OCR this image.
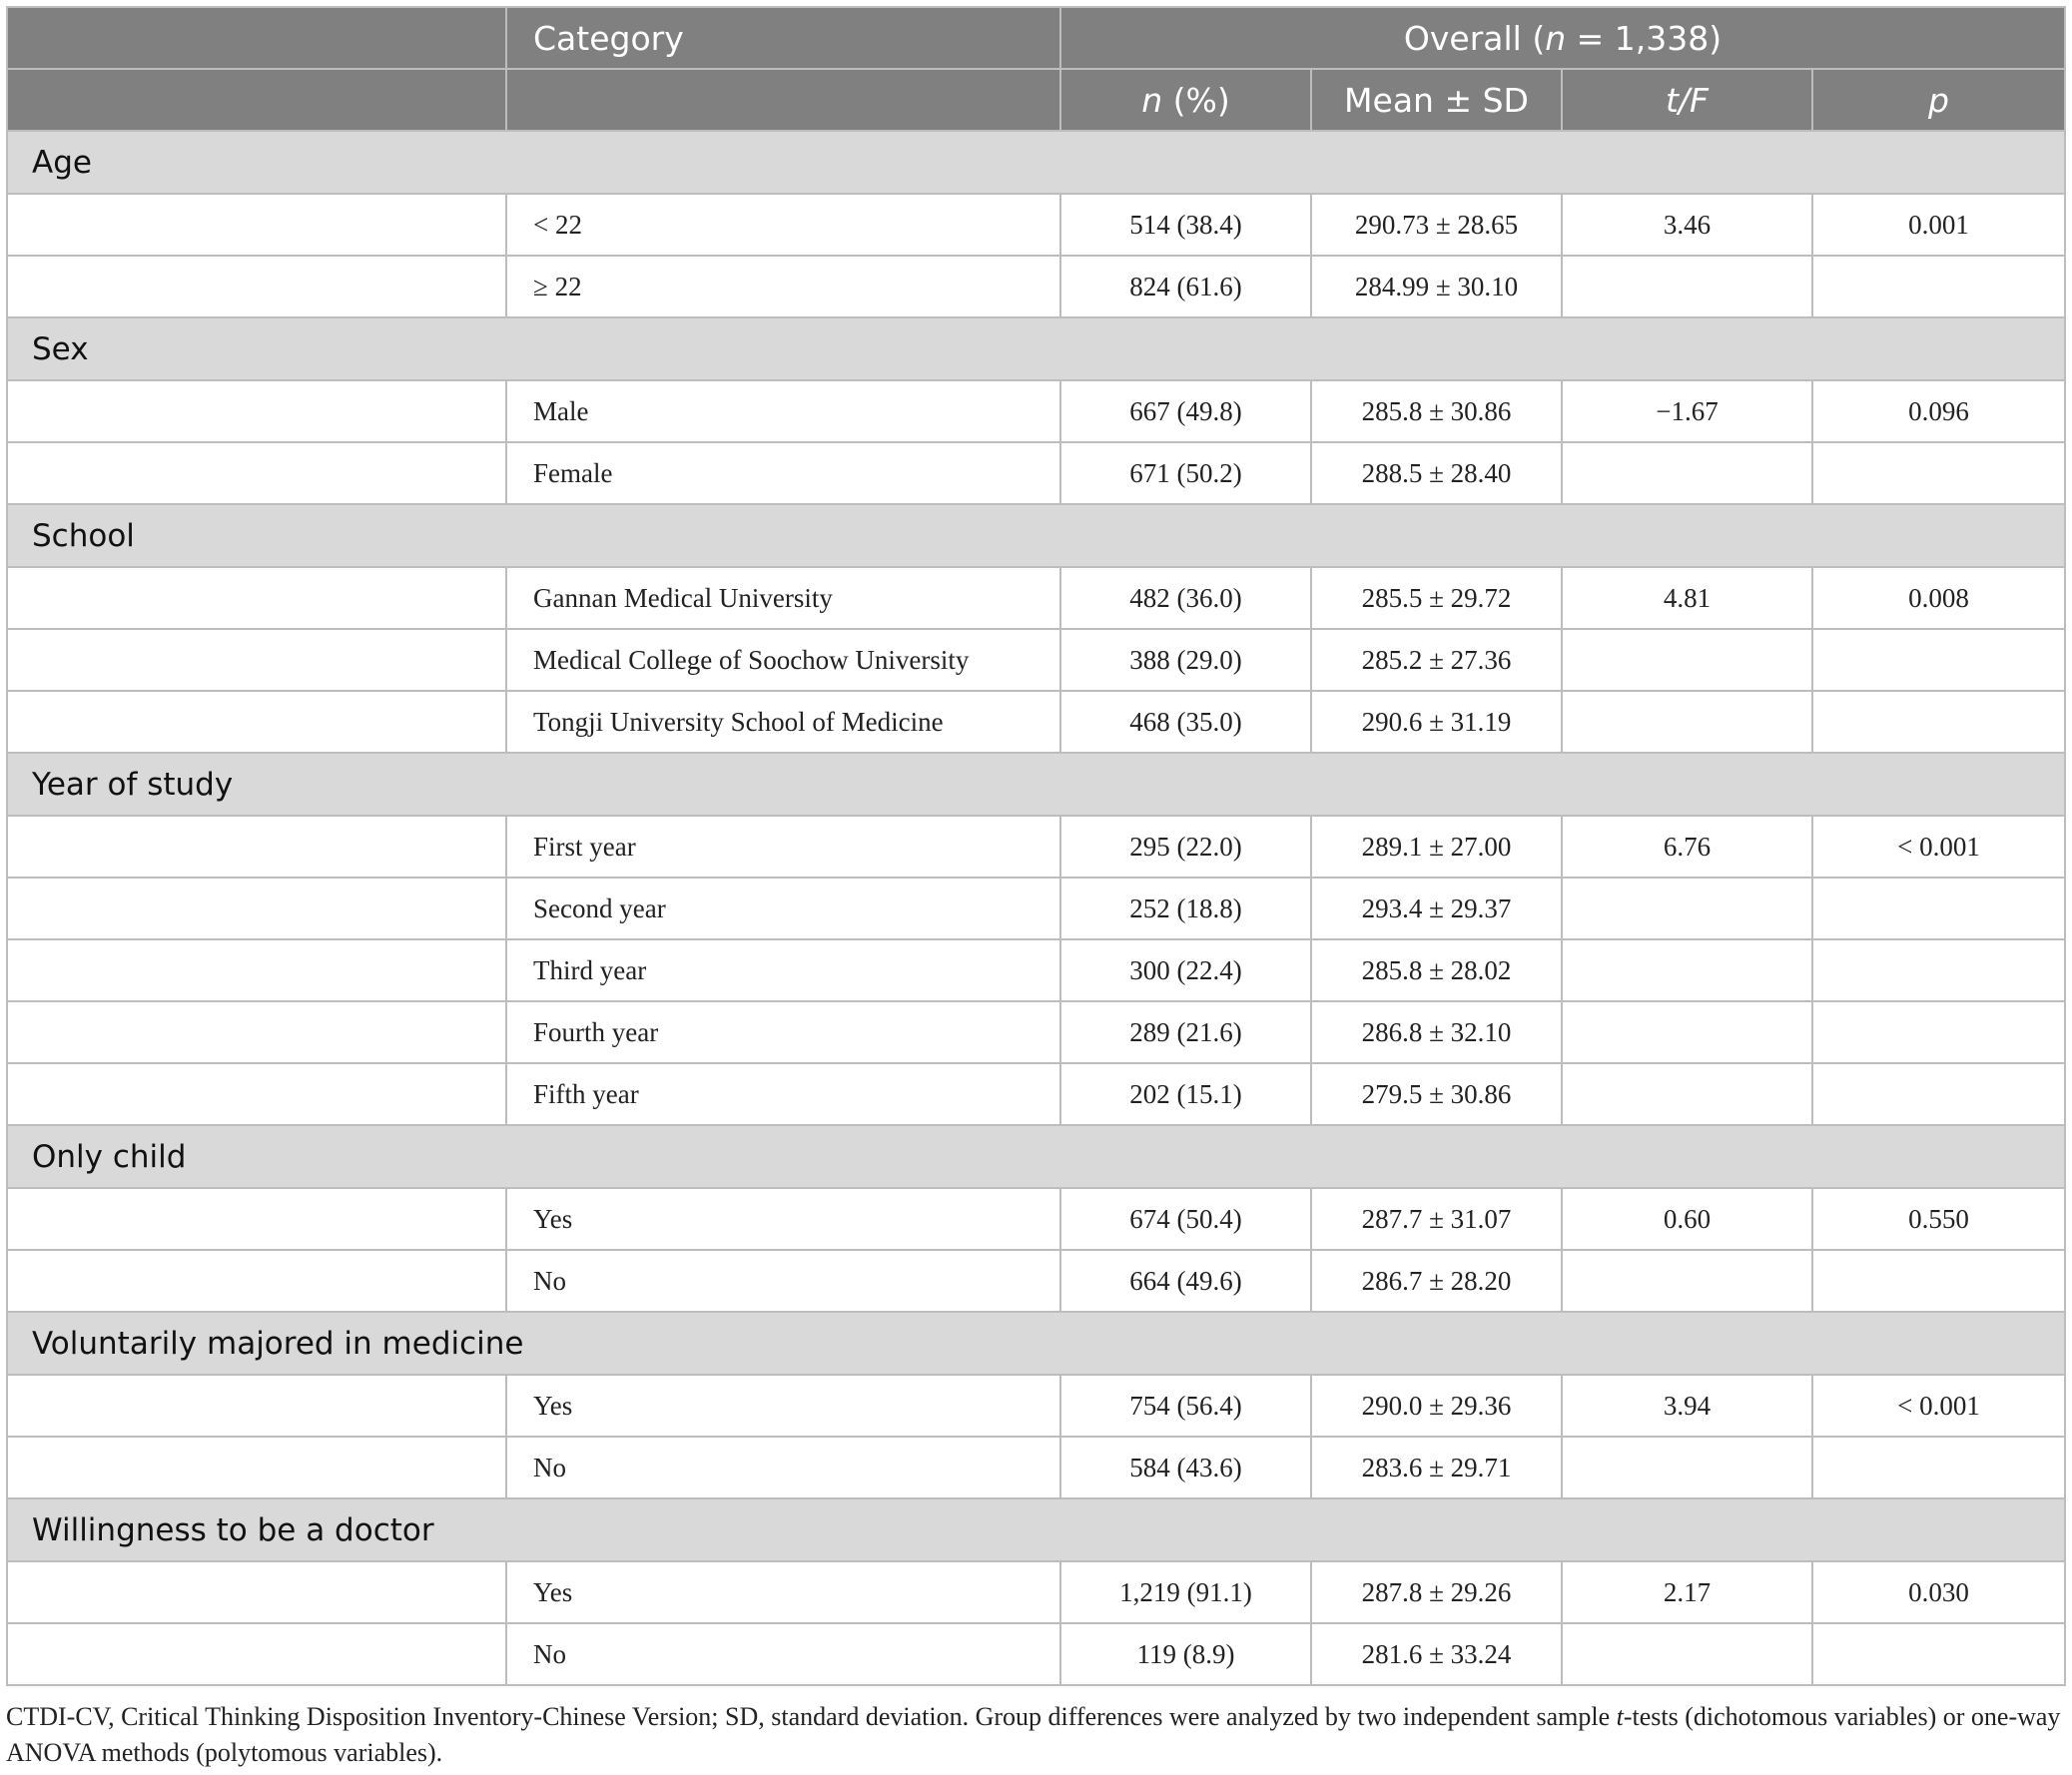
	Category	Overall (n = 1,338)			
		n (%)	Mean ± SD	t/F	p
Age					
	< 22	514 (38.4)	290.73 ± 28.65	3.46	0.001
	≥ 22	824 (61.6)	284.99 ± 30.10		
Sex					
	Male	667 (49.8)	285.8 ± 30.86	−1.67	0.096
	Female	671 (50.2)	288.5 ± 28.40		
School					
	Gannan Medical University	482 (36.0)	285.5 ± 29.72	4.81	0.008
	Medical College of Soochow University	388 (29.0)	285.2 ± 27.36		
	Tongji University School of Medicine	468 (35.0)	290.6 ± 31.19		
Year of study					
	First year	295 (22.0)	289.1 ± 27.00	6.76	< 0.001
	Second year	252 (18.8)	293.4 ± 29.37		
	Third year	300 (22.4)	285.8 ± 28.02		
	Fourth year	289 (21.6)	286.8 ± 32.10		
	Fifth year	202 (15.1)	279.5 ± 30.86		
Only child					
	Yes	674 (50.4)	287.7 ± 31.07	0.60	0.550
	No	664 (49.6)	286.7 ± 28.20		
Voluntarily majored in medicine					
	Yes	754 (56.4)	290.0 ± 29.36	3.94	< 0.001
	No	584 (43.6)	283.6 ± 29.71		
Willingness to be a doctor					
	Yes	1,219 (91.1)	287.8 ± 29.26	2.17	0.030
	No	119 (8.9)	281.6 ± 33.24		
CTDI-CV, Critical Thinking Disposition Inventory-Chinese Version; SD, standard deviation. Group differences were analyzed by two independent sample t-tests (dichotomous variables) or one-way ANOVA methods (polytomous variables).
